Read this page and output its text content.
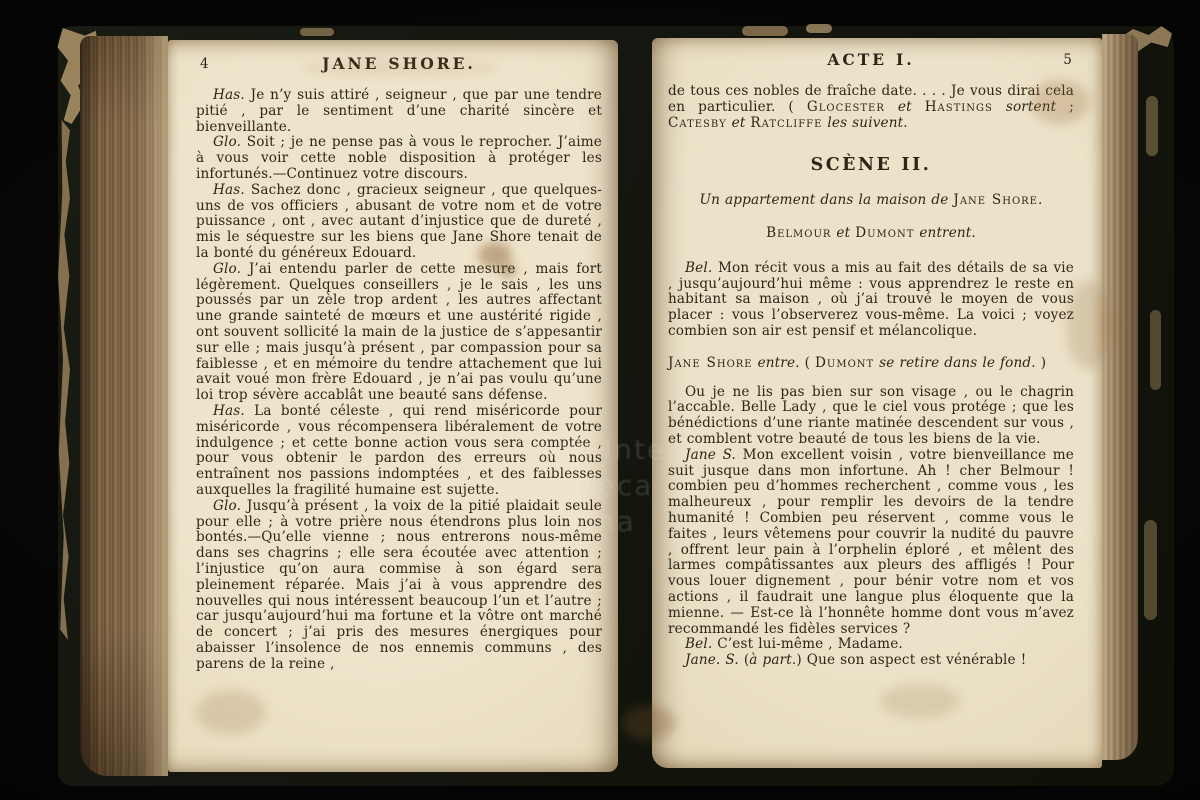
4	JANE SHORE.

Has. Je n’y suis attiré , seigneur , que par une tendre pitié , par le sentiment d’une charité sincère et bienveillante.

Glo. Soit ; je ne pense pas à vous le reprocher. J’aime à vous voir cette noble disposition à protéger les infortunés.—Continuez votre discours.

Has. Sachez donc , gracieux seigneur , que quelques-uns de vos officiers , abusant de votre nom et de votre puissance , ont , avec autant d’injustice que de dureté , mis le séquestre sur les biens que Jane Shore tenait de la bonté du généreux Edouard.

Glo. J’ai entendu parler de cette mesure , mais fort légèrement. Quelques conseillers , je le sais , les uns poussés par un zèle trop ardent , les autres affectant une grande sainteté de mœurs et une austérité rigide , ont souvent sollicité la main de la justice de s’appesantir sur elle ; mais jusqu’à présent , par compassion pour sa faiblesse , et en mémoire du tendre attachement que lui avait voué mon frère Edouard , je n’ai pas voulu qu’une loi trop sévère accablât une beauté sans défense.

Has. La bonté céleste , qui rend miséricorde pour miséricorde , vous récompensera libéralement de votre indulgence ; et cette bonne action vous sera comptée , pour vous obtenir le pardon des erreurs où nous entraînent nos passions indomptées , et des faiblesses auxquelles la fragilité humaine est sujette.

Glo. Jusqu’à présent , la voix de la pitié plaidait seule pour elle ; à votre prière nous étendrons plus loin nos bontés.—Qu’elle vienne ; nous entrerons nous-même dans ses chagrins ; elle sera écoutée avec attention ; l’injustice qu’on aura commise à son égard sera pleinement réparée. Mais j’ai à vous apprendre des nouvelles qui nous intéressent beaucoup l’un et l’autre ; car jusqu’aujourd’hui ma fortune et la vôtre ont marché de concert ; j’ai pris des mesures énergiques pour abaisser l’insolence de nos ennemis communs , des parens de la reine ,

ACTE I.	5

de tous ces nobles de fraîche date. . . . Je vous dirai cela en particulier. ( Glocester et Hastings sortent ; Catesby et Ratcliffe les suivent.

SCÈNE II.

Un appartement dans la maison de Jane Shore.

Belmour et Dumont entrent.

Bel. Mon récit vous a mis au fait des détails de sa vie , jusqu’aujourd’hui même : vous apprendrez le reste en habitant sa maison , où j’ai trouvé le moyen de vous placer : vous l’observerez vous-même. La voici ; voyez combien son air est pensif et mélancolique.

Jane Shore entre. ( Dumont se retire dans le fond. )

Ou je ne lis pas bien sur son visage , ou le chagrin l’accable. Belle Lady , que le ciel vous protége ; que les bénédictions d’une riante matinée descendent sur vous , et comblent votre beauté de tous les biens de la vie.

Jane S. Mon excellent voisin , votre bienveillance me suit jusque dans mon infortune. Ah ! cher Belmour ! combien peu d’hommes recherchent , comme vous , les malheureux , pour remplir les devoirs de la tendre humanité ! Combien peu réservent , comme vous le faites , leurs vêtemens pour couvrir la nudité du pauvre , offrent leur pain à l’orphelin éploré , et mêlent des larmes compâtissantes aux pleurs des affligés ! Pour vous louer dignement , pour bénir votre nom et vos actions , il faudrait une langue plus éloquente que la mienne. — Est-ce là l’honnête homme dont vous m’avez recommandé les fidèles services ?

Bel. C’est lui-même , Madame.

Jane. S. (à part.) Que son aspect est vénérable !
